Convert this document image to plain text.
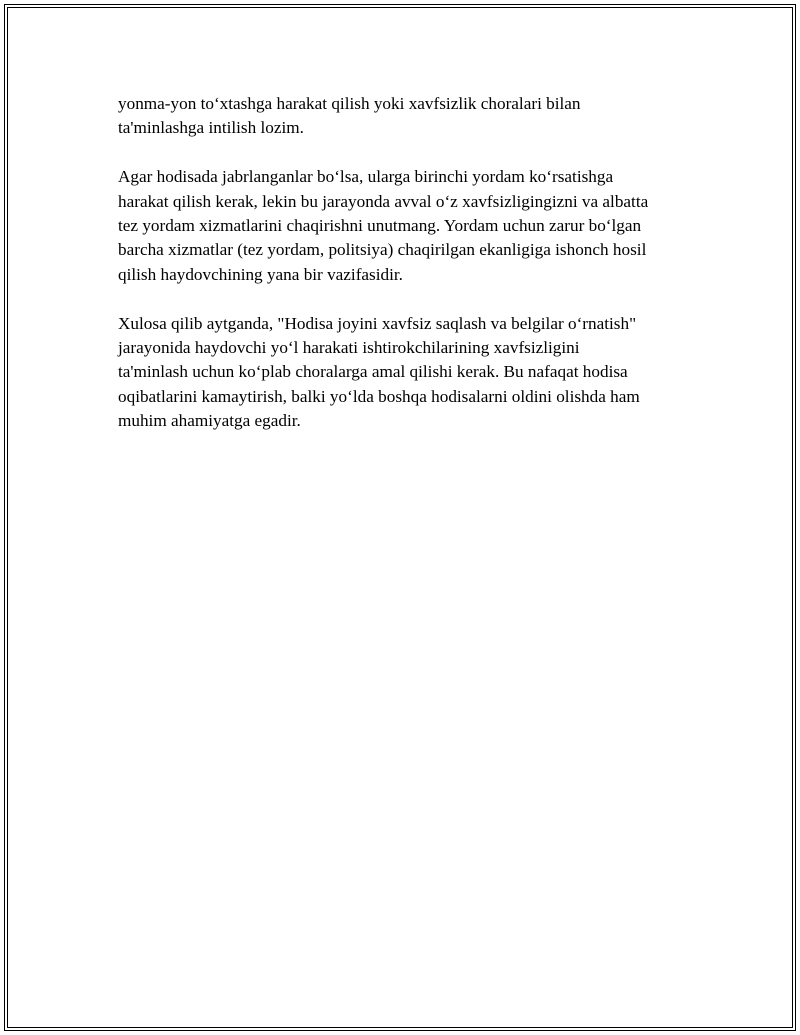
yonma-yon to‘xtashga harakat qilish yoki xavfsizlik choralari bilan
ta'minlashga intilish lozim.

Agar hodisada jabrlanganlar bo‘lsa, ularga birinchi yordam ko‘rsatishga
harakat qilish kerak, lekin bu jarayonda avval o‘z xavfsizligingizni va albatta
tez yordam xizmatlarini chaqirishni unutmang. Yordam uchun zarur bo‘lgan
barcha xizmatlar (tez yordam, politsiya) chaqirilgan ekanligiga ishonch hosil
qilish haydovchining yana bir vazifasidir.

Xulosa qilib aytganda, "Hodisa joyini xavfsiz saqlash va belgilar o‘rnatish"
jarayonida haydovchi yo‘l harakati ishtirokchilarining xavfsizligini
ta'minlash uchun ko‘plab choralarga amal qilishi kerak. Bu nafaqat hodisa
oqibatlarini kamaytirish, balki yo‘lda boshqa hodisalarni oldini olishda ham
muhim ahamiyatga egadir.
